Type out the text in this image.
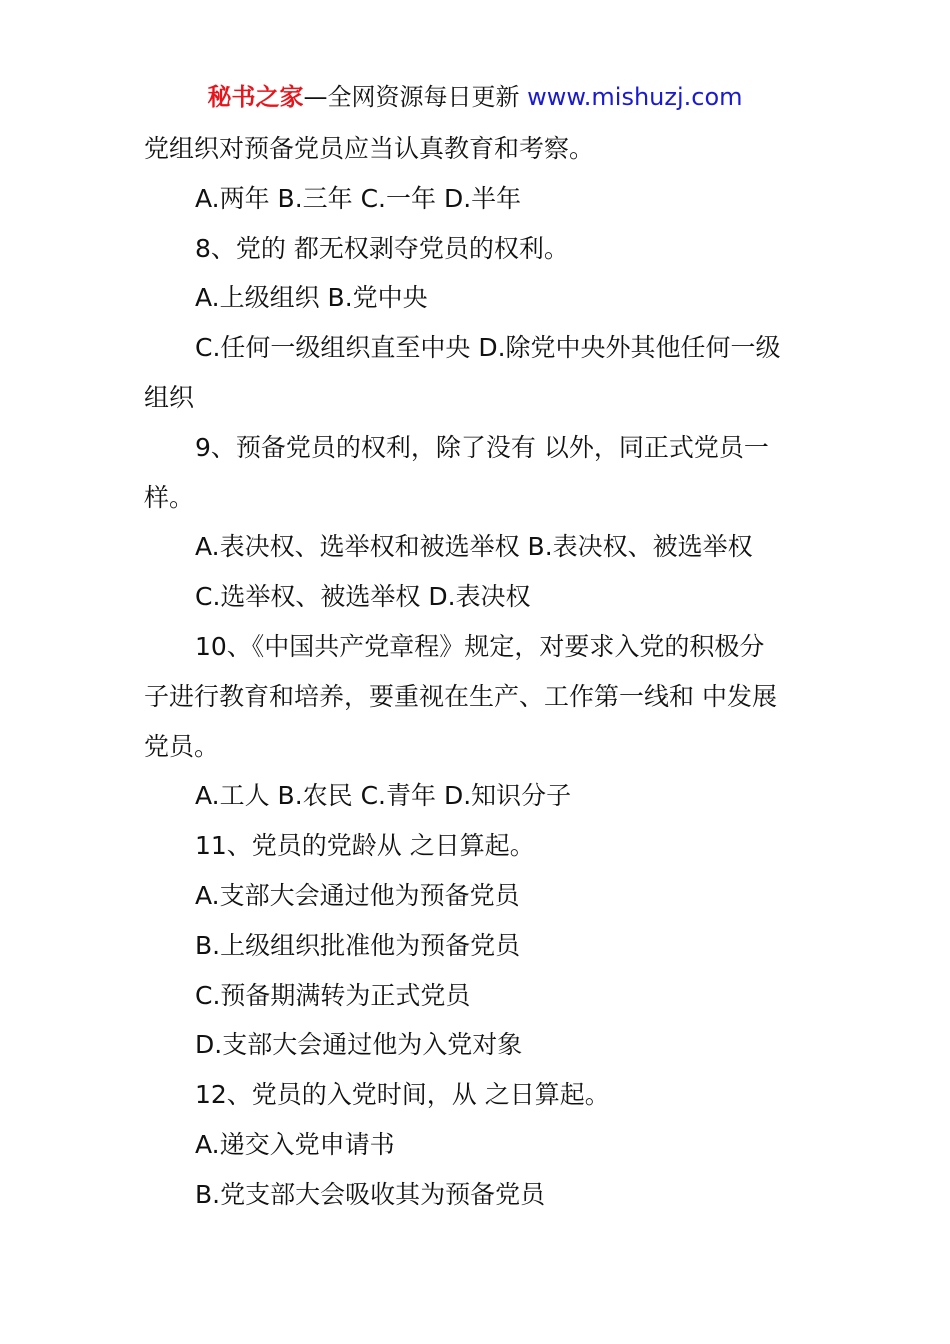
秘书之家—全网资源每日更新 www.mishuzj.com
党组织对预备党员应当认真教育和考察。
A.两年 B.三年 C.一年 D.半年
8、党的 都无权剥夺党员的权利。
A.上级组织 B.党中央
C.任何一级组织直至中央 D.除党中央外其他任何一级
组织
9、预备党员的权利，除了没有 以外，同正式党员一
样。
A.表决权、选举权和被选举权 B.表决权、被选举权
C.选举权、被选举权 D.表决权
10、《中国共产党章程》规定，对要求入党的积极分
子进行教育和培养，要重视在生产、工作第一线和 中发展
党员。
A.工人 B.农民 C.青年 D.知识分子
11、党员的党龄从 之日算起。
A.支部大会通过他为预备党员
B.上级组织批准他为预备党员
C.预备期满转为正式党员
D.支部大会通过他为入党对象
12、党员的入党时间，从 之日算起。
A.递交入党申请书
B.党支部大会吸收其为预备党员
